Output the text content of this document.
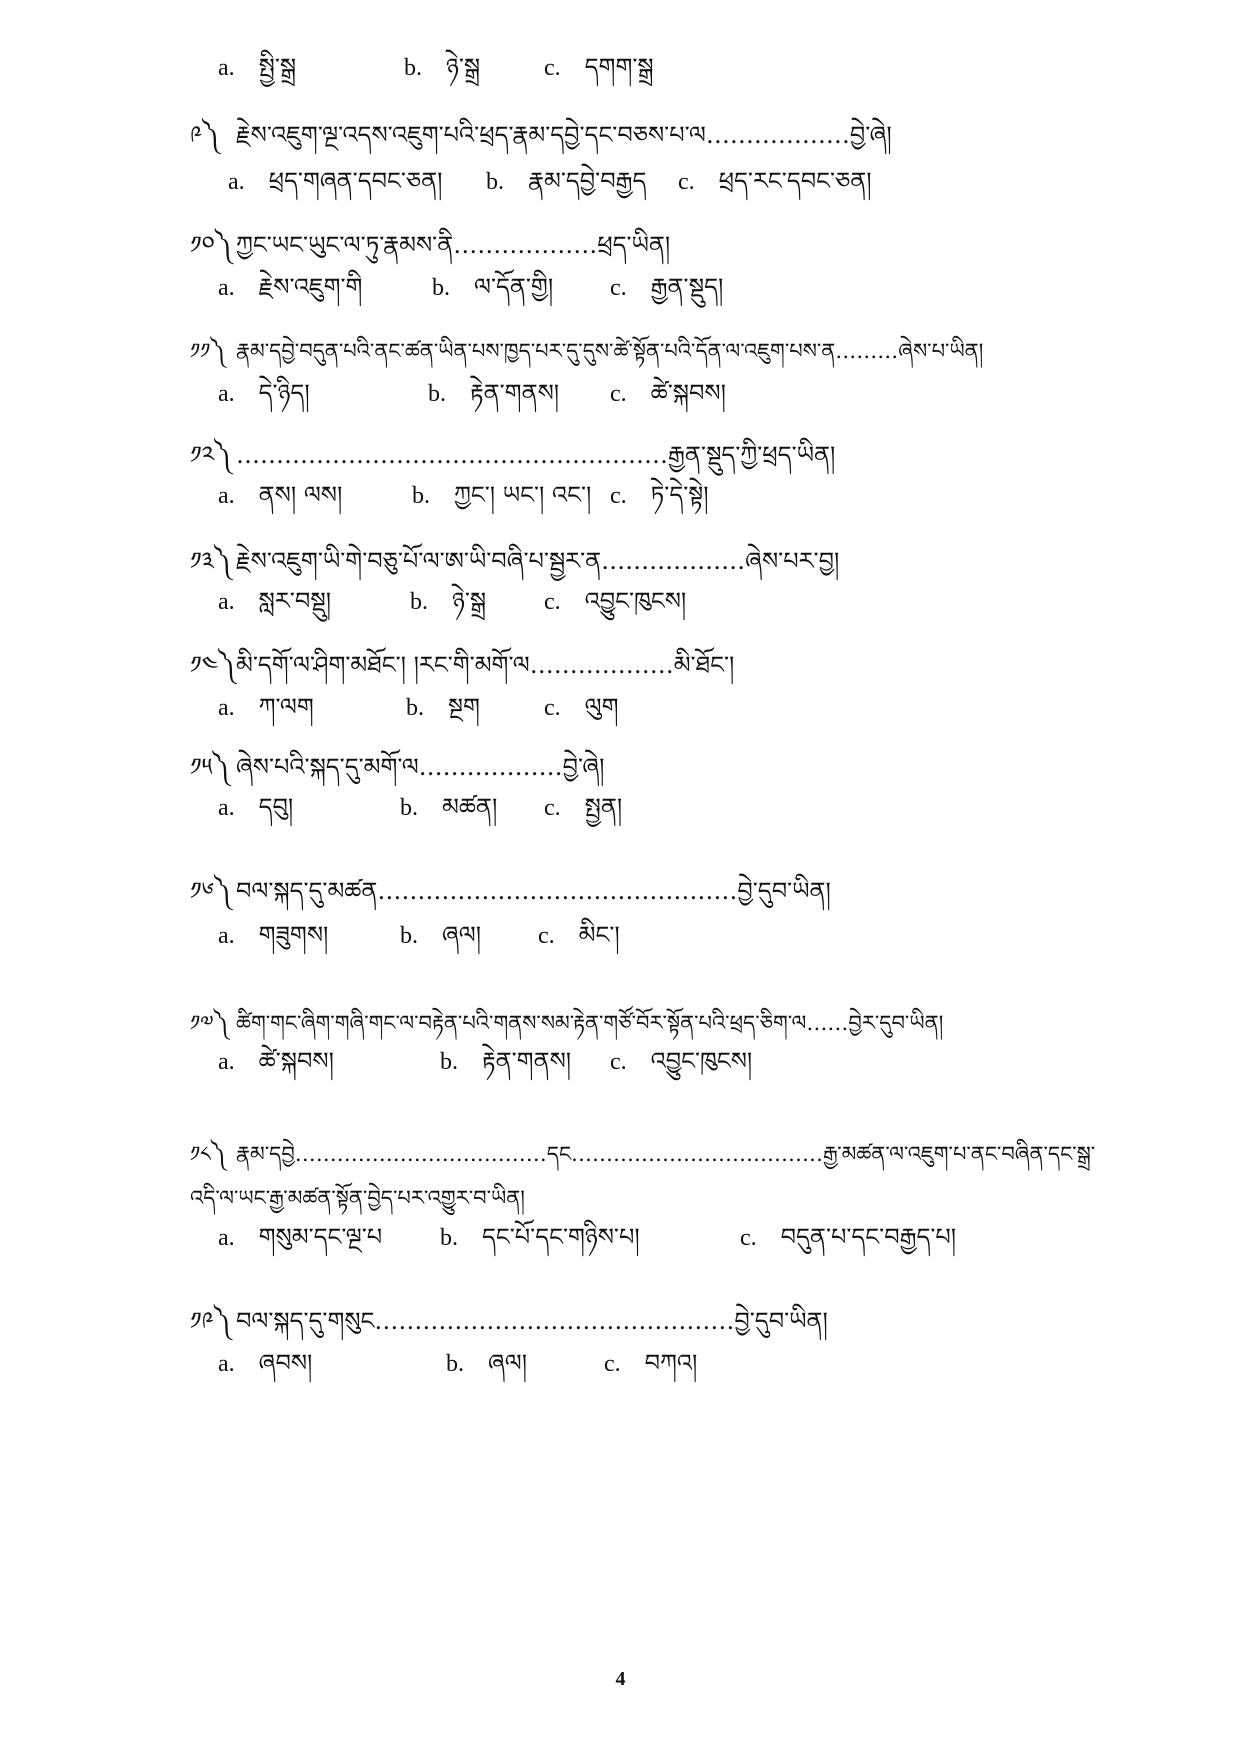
a. སྤྱི་སྒྲ	b. ཉེ་སྒྲ	c. དགག་སྒྲ
༩༽ རྗེས་འཇུག་ལྔ་འདས་འཇུག་པའི་ཕྲད་རྣམ་དབྱེ་དང་བཅས་པ་ལ………………བྱེ་ཞེ།
a. ཕྲད་གཞན་དབང་ཅན། b. རྣམ་དབྱེ་བརྒྱད c. ཕྲད་རང་དབང་ཅན།
༡༠༽ ཀྱང་ཡང་ཡུང་ལ་ཏུ་རྣམས་ནི………………ཕྲད་ཡིན།
a. རྗེས་འཇུག་གི	b. ལ་དོན་གྱི། c. རྒྱན་སྡུད།
༡༡༽ རྣམ་དབྱེ་བདུན་པའི་ནང་ཚན་ཡིན་པས་ཁྱད་པར་དུ་དུས་ཚེ་སྟོན་པའི་དོན་ལ་འཇུག་པས་ན………ཞེས་པ་ཡིན།
a. དེ་ཉིད།	b. རྟེན་གནས། c. ཚེ་སྐབས།
༡༢༽ ………………………………………………རྒྱན་སྡུད་ཀྱི་ཕྲད་ཡིན།
a. ནས། ལས།	b. ཀྱང་། ཡང་། འང་། c. ཏེ་དེ་སྟེ།
༡༣༽ རྗེས་འཇུག་ཡི་གེ་བཅུ་པོ་ལ་ཨ་ཡི་བཞི་པ་སྦྱར་ན………………ཞེས་པར་བྱ།
a. སླར་བསྡུ།	b. ཉེ་སྒྲ c. འབྱུང་ཁུངས།
༡༤༽མི་དགོ་ལ་ཤིག་མཐོང་། །རང་གི་མགོ་ལ………………མི་ཐོང་།
a. ཀ་ལག	b. སྔག	c. ལུག
༡༥༽ ཞེས་པའི་སྐད་དུ་མགོ་ལ………………བྱེ་ཞེ།
a. དབུ།	b. མཚན། c. སྤྱན།
༡༦༽ བལ་སྐད་དུ་མཚན………………………………………བྱེ་དུབ་ཡིན།
a. གཟུགས།	b. ཞལ། c. མིང་།
༡༧༽ ཚིག་གང་ཞིག་གཞི་གང་ལ་བརྟེན་པའི་གནས་སམ་རྟེན་གཙོ་བོར་སྟོན་པའི་ཕྲད་ཅིག་ལ……བྱེར་དུབ་ཡིན།
a. ཚེ་སྐབས།	b. རྟེན་གནས། c. འབྱུང་ཁུངས།
༡༨༽ རྣམ་དབྱེ………………………………དང………………………………རྒྱ་མཚན་ལ་འཇུག་པ་ནང་བཞིན་དང་སྒྲ་འདི་ལ་ཡང་རྒྱ་མཚན་སྟོན་བྱེད་པར་འགྱུར་བ་ཡིན།
a. གསུམ་དང་ལྔ་པ b. དང་པོ་དང་གཉིས་པ།	c. བདུན་པ་དང་བརྒྱད་པ།
༡༩༽ བལ་སྐད་དུ་གསུང………………………………………བྱེ་དུབ་ཡིན།
a. ཞབས།	b. ཞལ།	c. བཀའ།
4
